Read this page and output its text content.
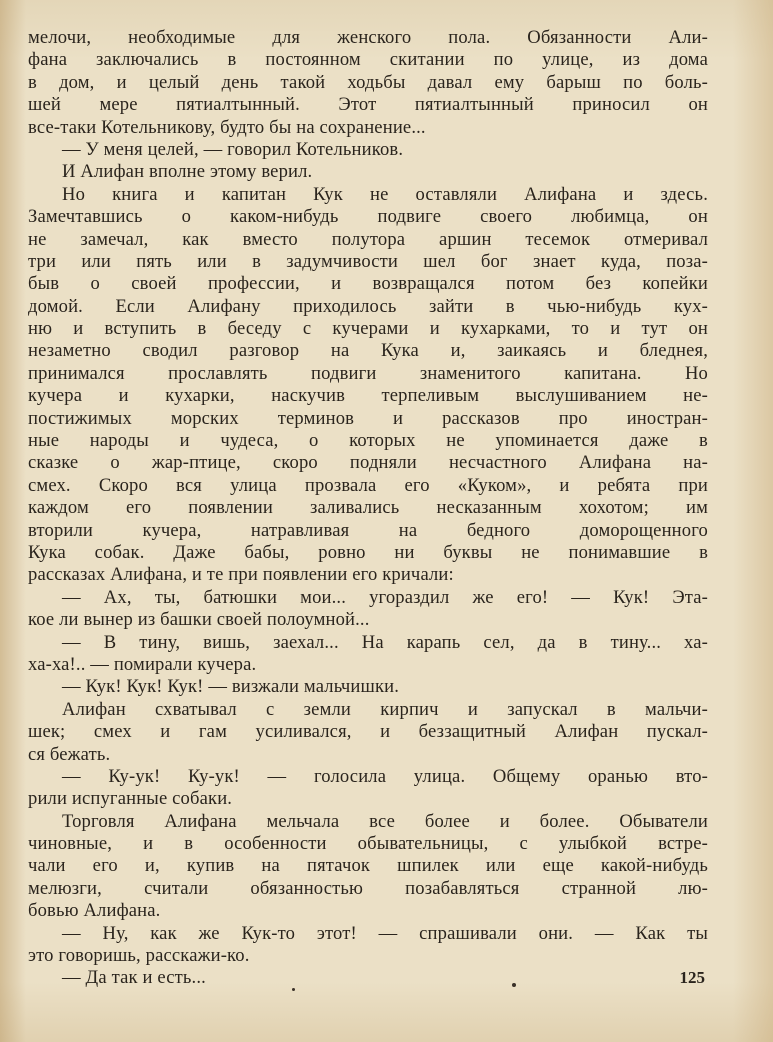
мелочи, необходимые для женского пола. Обязанности Али-
фана заключались в постоянном скитании по улице, из дома
в дом, и целый день такой ходьбы давал ему барыш по боль-
шей мере пятиалтынный. Этот пятиалтынный приносил он
все-таки Котельникову, будто бы на сохранение...
— У меня целей, — говорил Котельников.
И Алифан вполне этому верил.
Но книга и капитан Кук не оставляли Алифана и здесь.
Замечтавшись о каком-нибудь подвиге своего любимца, он
не замечал, как вместо полутора аршин тесемок отмеривал
три или пять или в задумчивости шел бог знает куда, поза-
быв о своей профессии, и возвращался потом без копейки
домой. Если Алифану приходилось зайти в чью-нибудь кух-
ню и вступить в беседу с кучерами и кухарками, то и тут он
незаметно сводил разговор на Кука и, заикаясь и бледнея,
принимался прославлять подвиги знаменитого капитана. Но
кучера и кухарки, наскучив терпеливым выслушиванием не-
постижимых морских терминов и рассказов про иностран-
ные народы и чудеса, о которых не упоминается даже в
сказке о жар-птице, скоро подняли несчастного Алифана на-
смех. Скоро вся улица прозвала его «Куком», и ребята при
каждом его появлении заливались несказанным хохотом; им
вторили кучера, натравливая на бедного доморощенного
Кука собак. Даже бабы, ровно ни буквы не понимавшие в
рассказах Алифана, и те при появлении его кричали:
— Ах, ты, батюшки мои... угораздил же его! — Кук! Эта-
кое ли вынер из башки своей полоумной...
— В тину, вишь, заехал... На карапь сел, да в тину... ха-
ха-ха!.. — помирали кучера.
— Кук! Кук! Кук! — визжали мальчишки.
Алифан схватывал с земли кирпич и запускал в мальчи-
шек; смех и гам усиливался, и беззащитный Алифан пускал-
ся бежать.
— Ку-ук! Ку-ук! — голосила улица. Общему оранью вто-
рили испуганные собаки.
Торговля Алифана мельчала все более и более. Обыватели
чиновные, и в особенности обывательницы, с улыбкой встре-
чали его и, купив на пятачок шпилек или еще какой-нибудь
мелюзги, считали обязанностью позабавляться странной лю-
бовью Алифана.
— Ну, как же Кук-то этот! — спрашивали они. — Как ты
это говоришь, расскажи-ко.
— Да так и есть...	125
